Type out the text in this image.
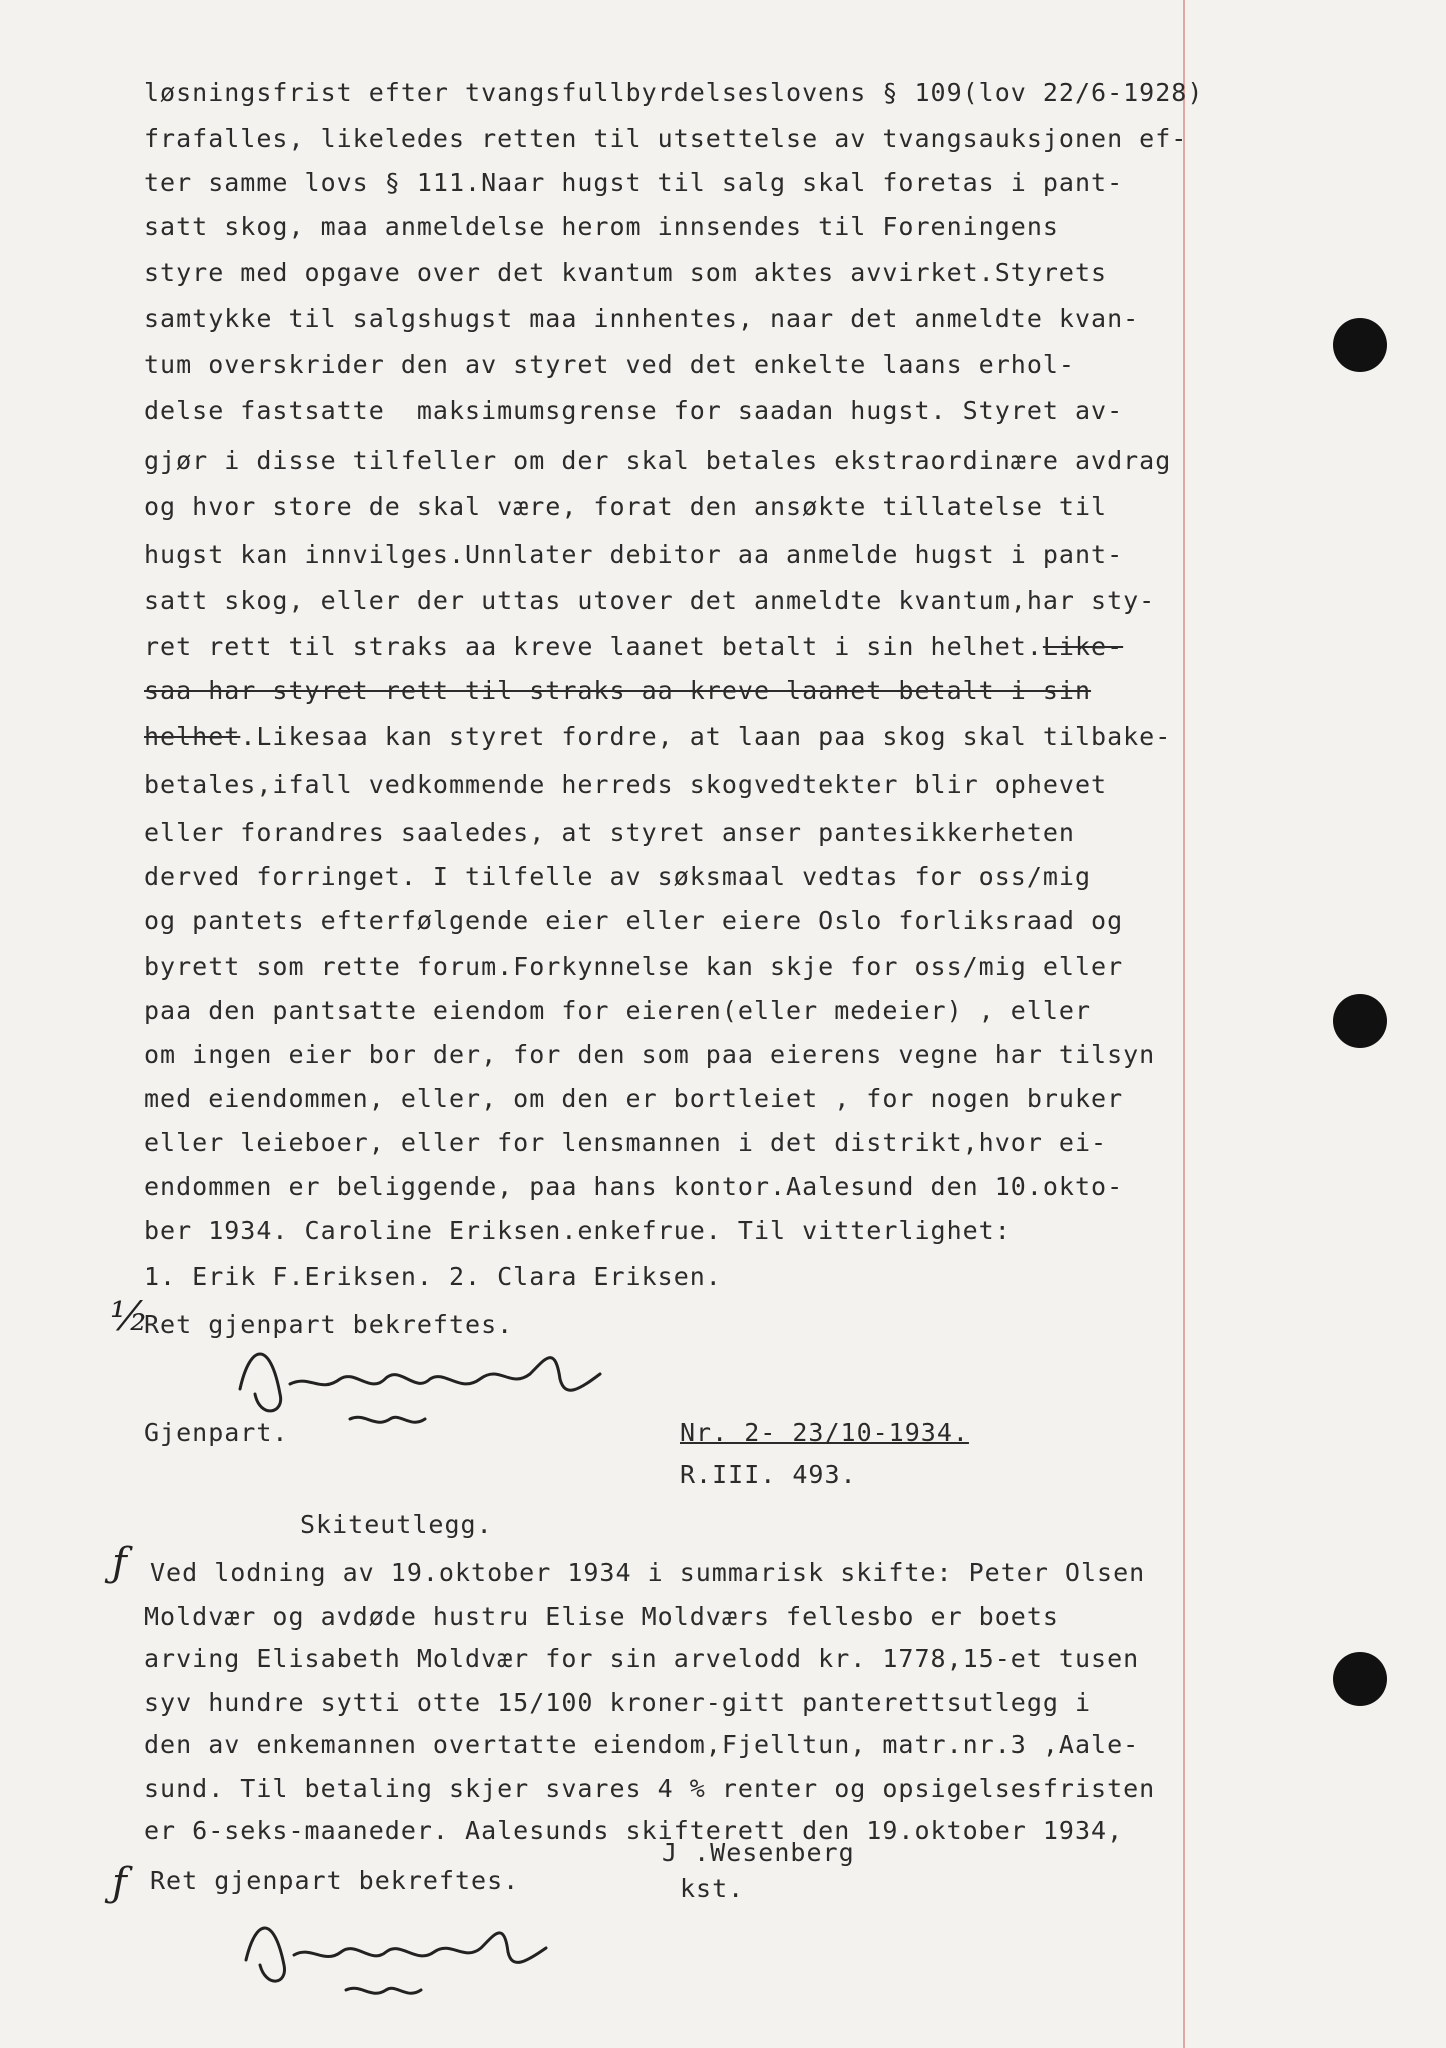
løsningsfrist efter tvangsfullbyrdelseslovens § 109(lov 22/6-1928)
frafalles, likeledes retten til utsettelse av tvangsauksjonen ef-
ter samme lovs § 111.Naar hugst til salg skal foretas i pant-
satt skog, maa anmeldelse herom innsendes til Foreningens
styre med opgave over det kvantum som aktes avvirket.Styrets
samtykke til salgshugst maa innhentes, naar det anmeldte kvan-
tum overskrider den av styret ved det enkelte laans erhol-
delse fastsatte  maksimumsgrense for saadan hugst. Styret av-
gjør i disse tilfeller om der skal betales ekstraordinære avdrag
og hvor store de skal være, forat den ansøkte tillatelse til
hugst kan innvilges.Unnlater debitor aa anmelde hugst i pant-
satt skog, eller der uttas utover det anmeldte kvantum,har sty-
ret rett til straks aa kreve laanet betalt i sin helhet.Like-
saa har styret rett til straks aa kreve laanet betalt i sin
helhet.Likesaa kan styret fordre, at laan paa skog skal tilbake-
betales,ifall vedkommende herreds skogvedtekter blir ophevet
eller forandres saaledes, at styret anser pantesikkerheten
derved forringet. I tilfelle av søksmaal vedtas for oss/mig
og pantets efterfølgende eier eller eiere Oslo forliksraad og
byrett som rette forum.Forkynnelse kan skje for oss/mig eller
paa den pantsatte eiendom for eieren(eller medeier) , eller
om ingen eier bor der, for den som paa eierens vegne har tilsyn
med eiendommen, eller, om den er bortleiet , for nogen bruker
eller leieboer, eller for lensmannen i det distrikt,hvor ei-
endommen er beliggende, paa hans kontor.Aalesund den 10.okto-
ber 1934. Caroline Eriksen.enkefrue. Til vitterlighet:
1. Erik F.Eriksen. 2. Clara Eriksen.
½
Ret gjenpart bekreftes.
Gjenpart.	Nr. 2- 23/10-1934.
R.III. 493.
Skiteutlegg.
ƒ Ved lodning av 19.oktober 1934 i summarisk skifte: Peter Olsen
Moldvær og avdøde hustru Elise Moldværs fellesbo er boets
arving Elisabeth Moldvær for sin arvelodd kr. 1778,15-et tusen
syv hundre sytti otte 15/100 kroner-gitt panterettsutlegg i
den av enkemannen overtatte eiendom,Fjelltun, matr.nr.3 ,Aale-
sund. Til betaling skjer svares 4 % renter og opsigelsesfristen
er 6-seks-maaneder. Aalesunds skifterett den 19.oktober 1934,
J .Wesenberg
kst.
ƒ Ret gjenpart bekreftes.
